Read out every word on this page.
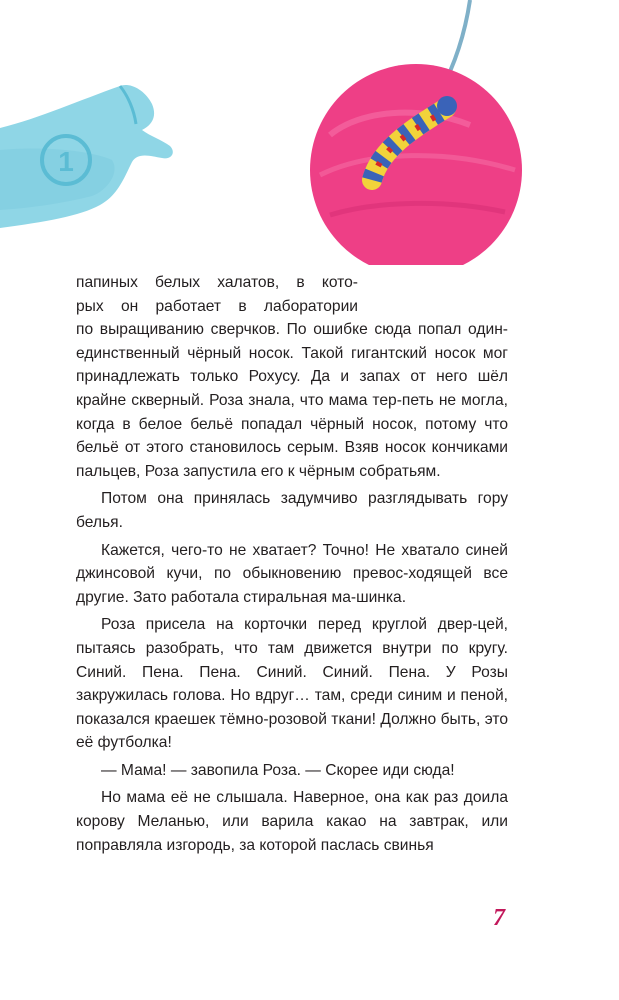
1
папиных белых халатов, в кото-
рых он работает в лаборатории

по выращиванию сверчков. По ошибке сюда попал один-единственный чёрный носок. Такой гигантский носок мог принадлежать только Рохусу. Да и запах от него шёл крайне скверный. Роза знала, что мама тер-петь не могла, когда в белое бельё попадал чёрный носок, потому что бельё от этого становилось серым. Взяв носок кончиками пальцев, Роза запустила его к чёрным собратьям.

Потом она принялась задумчиво разглядывать гору белья.

Кажется, чего-то не хватает? Точно! Не хватало синей джинсовой кучи, по обыкновению превос-ходящей все другие. Зато работала стиральная ма-шинка.

Роза присела на корточки перед круглой двер-цей, пытаясь разобрать, что там движется внутри по кругу. Синий. Пена. Пена. Синий. Синий. Пена. У Розы закружилась голова. Но вдруг… там, среди синим и пеной, показался краешек тёмно-розовой ткани! Должно быть, это её футболка!

— Мама! — завопила Роза. — Скорее иди сюда!

Но мама её не слышала. Наверное, она как раз доила корову Меланью, или варила какао на завтрак, или поправляла изгородь, за которой паслась свинья

7
